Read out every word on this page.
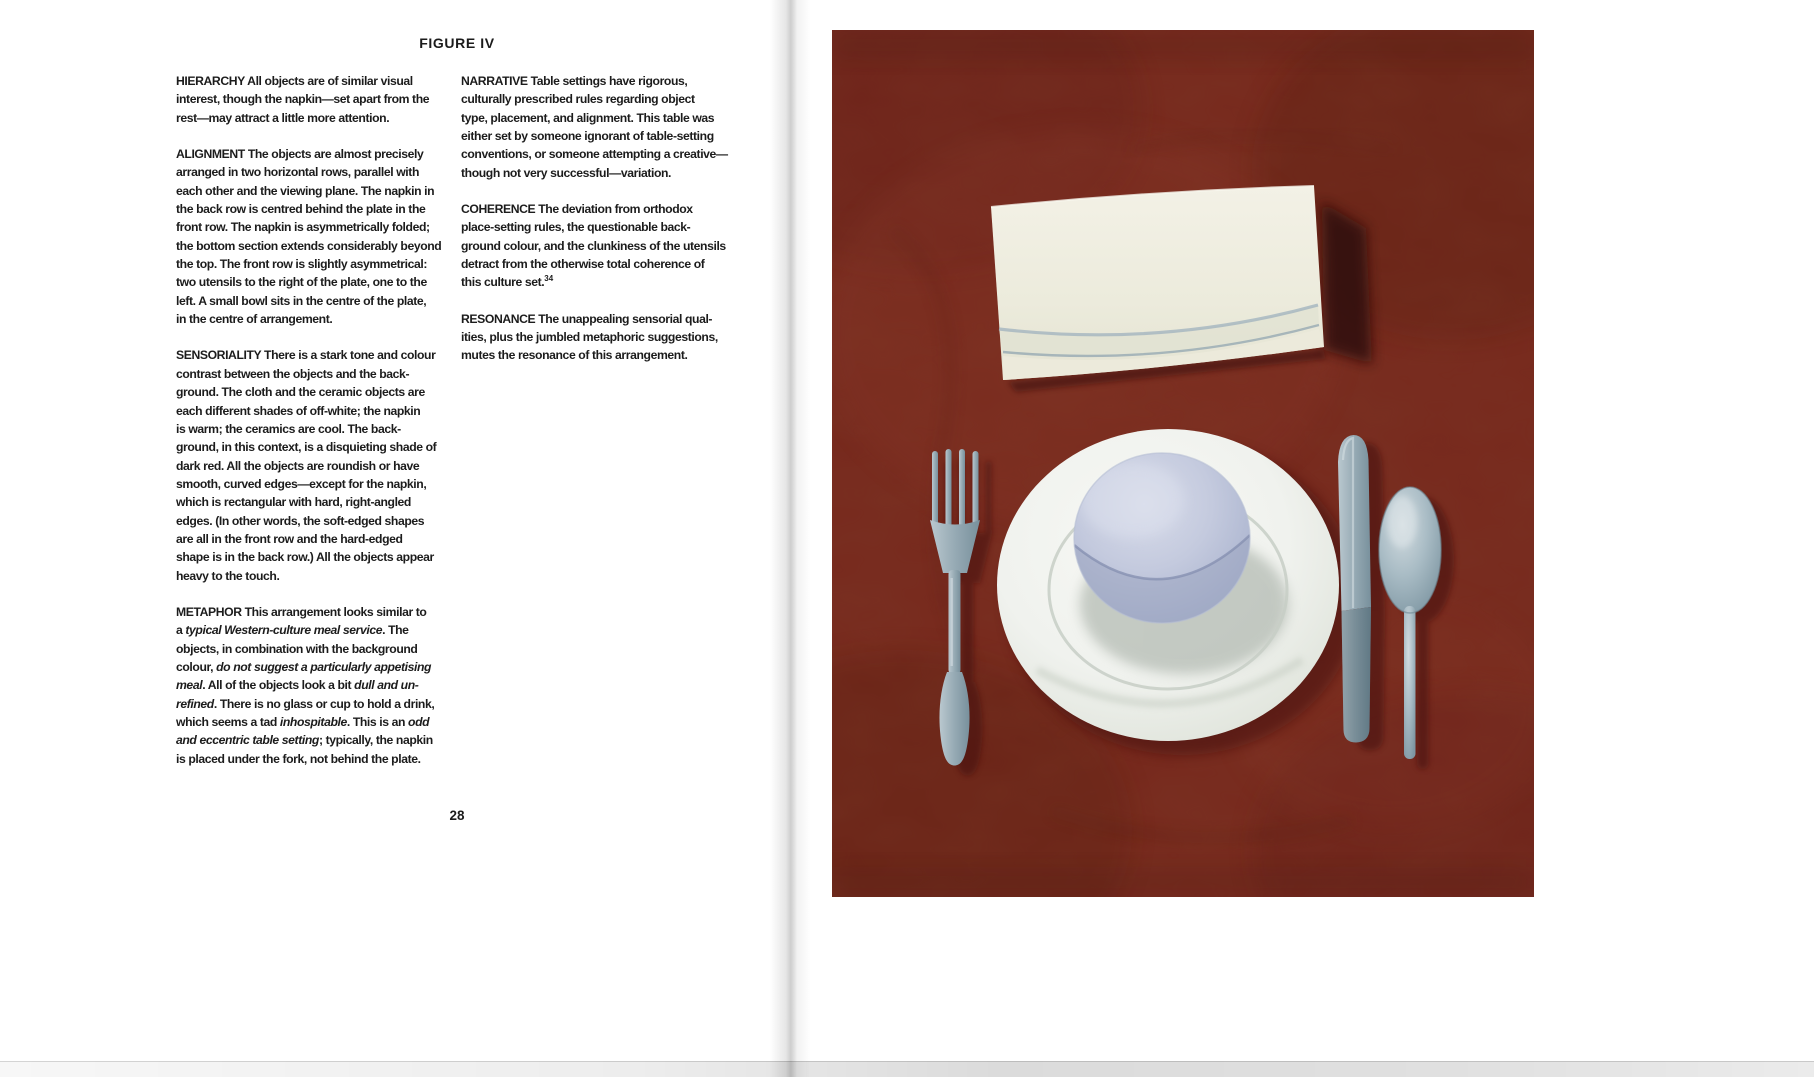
FIGURE IV

HIERARCHY All objects are of similar visual
interest, though the napkin—set apart from the
rest—may attract a little more attention.

ALIGNMENT The objects are almost precisely
arranged in two horizontal rows, parallel with
each other and the viewing plane. The napkin in
the back row is centred behind the plate in the
front row. The napkin is asymmetrically folded;
the bottom section extends considerably beyond
the top. The front row is slightly asymmetrical:
two utensils to the right of the plate, one to the
left. A small bowl sits in the centre of the plate,
in the centre of arrangement.

SENSORIALITY There is a stark tone and colour
contrast between the objects and the back-
ground. The cloth and the ceramic objects are
each different shades of off-white; the napkin
is warm; the ceramics are cool. The back-
ground, in this context, is a disquieting shade of
dark red. All the objects are roundish or have
smooth, curved edges—except for the napkin,
which is rectangular with hard, right-angled
edges. (In other words, the soft-edged shapes
are all in the front row and the hard-edged
shape is in the back row.) All the objects appear
heavy to the touch.

METAPHOR This arrangement looks similar to
a typical Western-culture meal service. The
objects, in combination with the background
colour, do not suggest a particularly appetising
meal. All of the objects look a bit dull and un-
refined. There is no glass or cup to hold a drink,
which seems a tad inhospitable. This is an odd
and eccentric table setting; typically, the napkin
is placed under the fork, not behind the plate.

NARRATIVE Table settings have rigorous,
culturally prescribed rules regarding object
type, placement, and alignment. This table was
either set by someone ignorant of table-setting
conventions, or someone attempting a creative—
though not very successful—variation.

COHERENCE The deviation from orthodox
place-setting rules, the questionable back-
ground colour, and the clunkiness of the utensils
detract from the otherwise total coherence of
this culture set.$^{34}$

RESONANCE The unappealing sensorial qual-
ities, plus the jumbled metaphoric suggestions,
mutes the resonance of this arrangement.

28
